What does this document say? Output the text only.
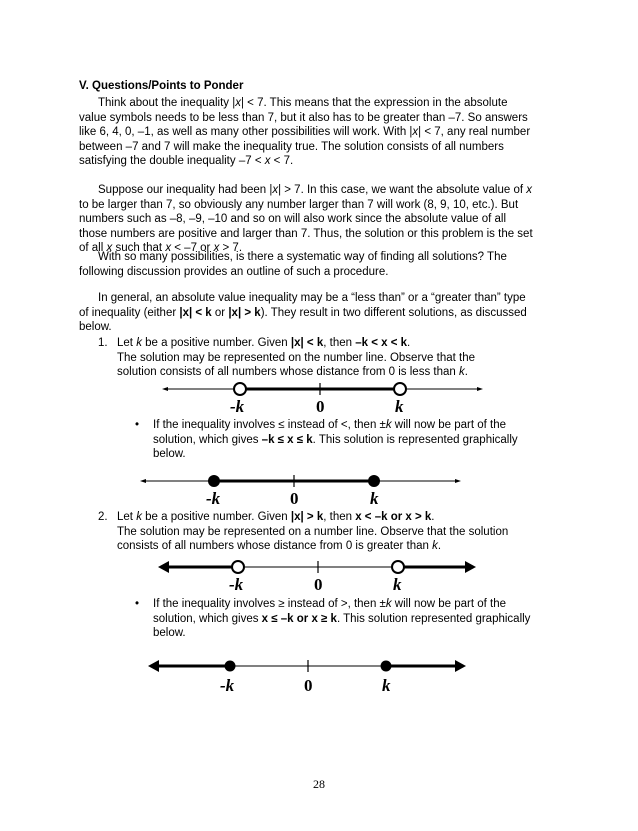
V. Questions/Points to Ponder

Think about the inequality |x| < 7. This means that the expression in the absolute value symbols needs to be less than 7, but it also has to be greater than –7. So answers like 6, 4, 0, –1, as well as many other possibilities will work. With |x| < 7, any real number between –7 and 7 will make the inequality true. The solution consists of all numbers satisfying the double inequality –7 < x < 7.

Suppose our inequality had been |x| > 7. In this case, we want the absolute value of x to be larger than 7, so obviously any number larger than 7 will work (8, 9, 10, etc.). But numbers such as –8, –9, –10 and so on will also work since the absolute value of all those numbers are positive and larger than 7. Thus, the solution or this problem is the set of all x such that x < –7 or x > 7.

With so many possibilities, is there a systematic way of finding all solutions? The following discussion provides an outline of such a procedure.

In general, an absolute value inequality may be a “less than” or a “greater than” type of inequality (either |x| < k or |x| > k). They result in two different solutions, as discussed below.

1. Let k be a positive number. Given |x| < k, then –k < x < k.
The solution may be represented on the number line. Observe that the
solution consists of all numbers whose distance from 0 is less than k.

-k	0	k
• If the inequality involves ≤ instead of <, then ±k will now be part of the solution, which gives –k ≤ x ≤ k. This solution is represented graphically below.

-k	0	k
2. Let k be a positive number. Given |x| > k, then x < –k or x > k.
The solution may be represented on a number line. Observe that the solution
consists of all numbers whose distance from 0 is greater than k.

-k	0	k
• If the inequality involves ≥ instead of >, then ±k will now be part of the solution, which gives x ≤ –k or x ≥ k. This solution represented graphically below.

-k	0	k
28
